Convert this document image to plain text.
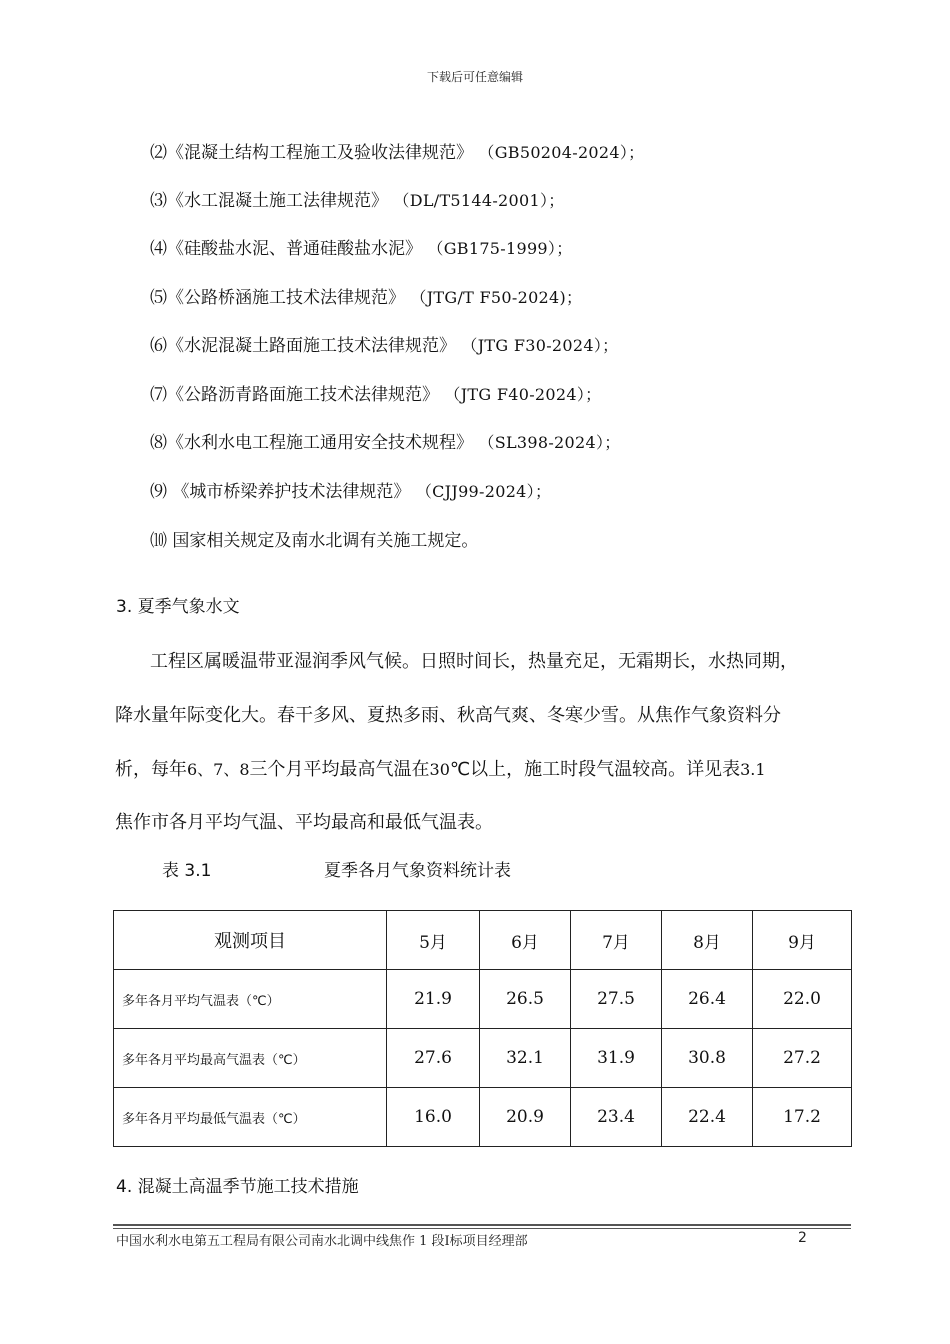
下载后可任意编辑
⑵《混凝土结构工程施工及验收法律规范》 （GB50204-2024）；
⑶《水工混凝土施工法律规范》 （DL/T5144-2001）；
⑷《硅酸盐水泥、普通硅酸盐水泥》 （GB175-1999）；
⑸《公路桥涵施工技术法律规范》 （JTG/T F50-2024)；
⑹《水泥混凝土路面施工技术法律规范》 （JTG F30-2024）；
⑺《公路沥青路面施工技术法律规范》 （JTG F40-2024）；
⑻《水利水电工程施工通用安全技术规程》 （SL398-2024）；
⑼ 《城市桥梁养护技术法律规范》 （CJJ99-2024）；
⑽ 国家相关规定及南水北调有关施工规定。
3. 夏季气象水文
工程区属暖温带亚湿润季风气候。日照时间长，热量充足，无霜期长，水热同期，
降水量年际变化大。春干多风、夏热多雨、秋高气爽、冬寒少雪。从焦作气象资料分
析，每年6、7、8三个月平均最高气温在30℃以上，施工时段气温较高。详见表3.1
焦作市各月平均气温、平均最高和最低气温表。
表 3.1	夏季各月气象资料统计表
观测项目	5月	6月	7月	8月	9月
多年各月平均气温表（℃）	21.9	26.5	27.5	26.4	22.0
多年各月平均最高气温表（℃）	27.6	32.1	31.9	30.8	27.2
多年各月平均最低气温表（℃）	16.0	20.9	23.4	22.4	17.2
4. 混凝土高温季节施工技术措施
中国水利水电第五工程局有限公司南水北调中线焦作 1 段Ⅰ标项目经理部	2
